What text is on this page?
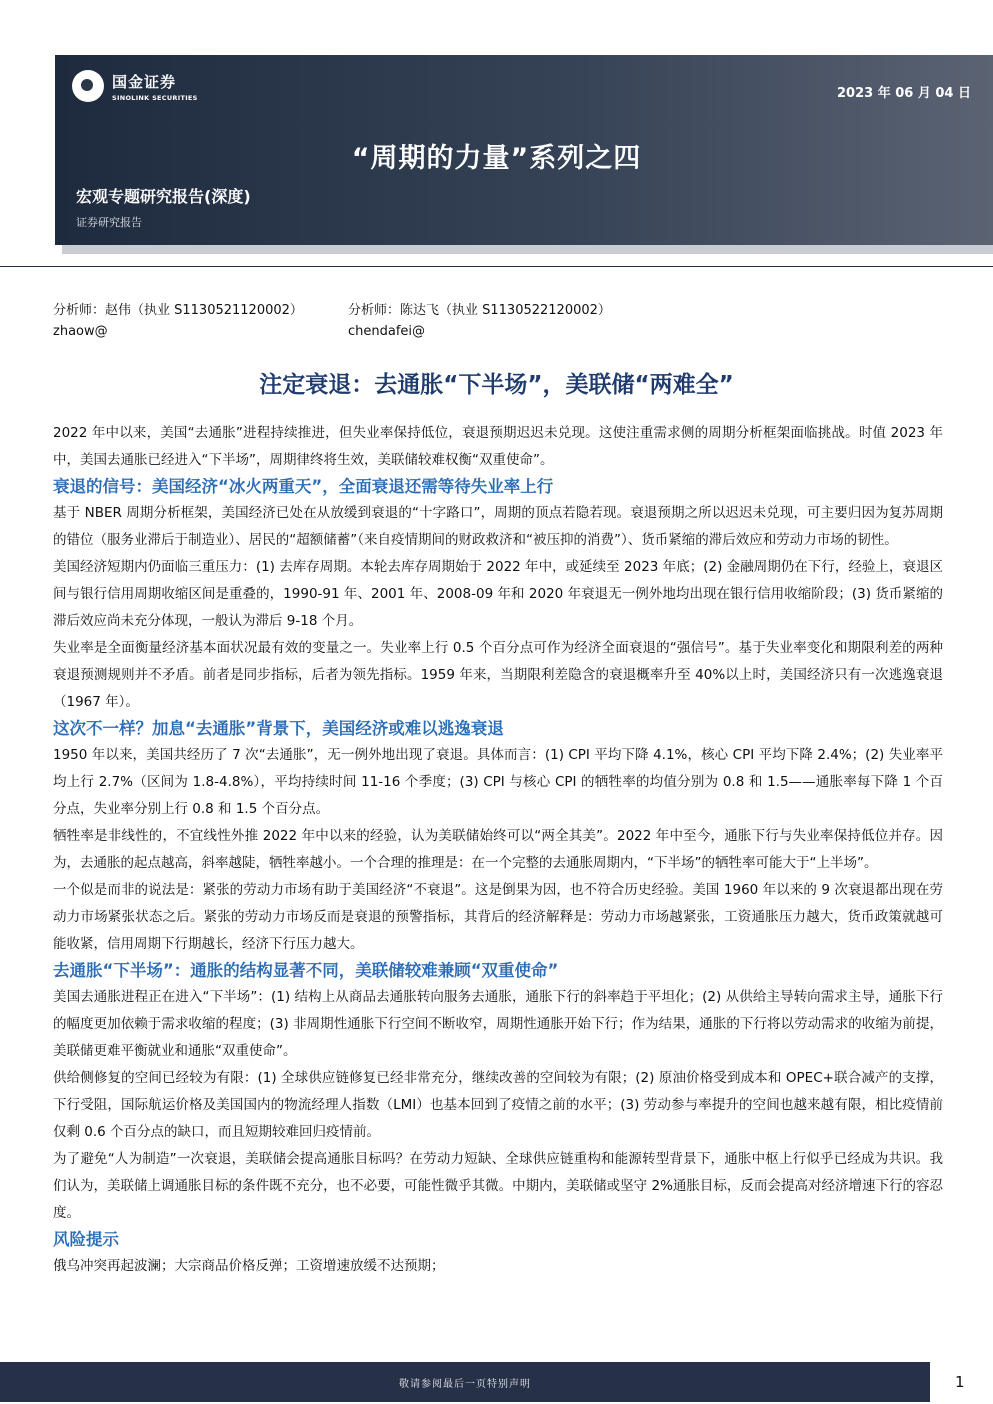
国金证券
SINOLINK SECURITIES	2023 年 06 月 04 日
“周期的力量”系列之四
宏观专题研究报告(深度)
证券研究报告
分析师：赵伟（执业 S1130521120002）
zhaow@
分析师：陈达飞（执业 S1130522120002）
chendafei@
注定衰退：去通胀“下半场”，美联储“两难全”

2022 年中以来，美国“去通胀”进程持续推进，但失业率保持低位，衰退预期迟迟未兑现。这使注重需求侧的周期分析框架面临挑战。时值 2023 年中，美国去通胀已经进入“下半场”，周期律终将生效，美联储较难权衡“双重使命”。

衰退的信号：美国经济“冰火两重天”，全面衰退还需等待失业率上行

基于 NBER 周期分析框架，美国经济已处在从放缓到衰退的“十字路口”，周期的顶点若隐若现。衰退预期之所以迟迟未兑现，可主要归因为复苏周期的错位（服务业滞后于制造业）、居民的“超额储蓄”（来自疫情期间的财政救济和“被压抑的消费”）、货币紧缩的滞后效应和劳动力市场的韧性。

美国经济短期内仍面临三重压力：(1) 去库存周期。本轮去库存周期始于 2022 年中，或延续至 2023 年底；(2) 金融周期仍在下行，经验上，衰退区间与银行信用周期收缩区间是重叠的，1990-91 年、2001 年、2008-09 年和 2020 年衰退无一例外地均出现在银行信用收缩阶段；(3) 货币紧缩的滞后效应尚未充分体现，一般认为滞后 9-18 个月。

失业率是全面衡量经济基本面状况最有效的变量之一。失业率上行 0.5 个百分点可作为经济全面衰退的“强信号”。基于失业率变化和期限利差的两种衰退预测规则并不矛盾。前者是同步指标，后者为领先指标。1959 年来，当期限利差隐含的衰退概率升至 40%以上时，美国经济只有一次逃逸衰退（1967 年）。

这次不一样？加息“去通胀”背景下，美国经济或难以逃逸衰退

1950 年以来，美国共经历了 7 次“去通胀”，无一例外地出现了衰退。具体而言：(1) CPI 平均下降 4.1%，核心 CPI 平均下降 2.4%；(2) 失业率平均上行 2.7%（区间为 1.8-4.8%），平均持续时间 11-16 个季度；(3) CPI 与核心 CPI 的牺牲率的均值分别为 0.8 和 1.5——通胀率每下降 1 个百分点，失业率分别上行 0.8 和 1.5 个百分点。

牺牲率是非线性的，不宜线性外推 2022 年中以来的经验，认为美联储始终可以“两全其美”。2022 年中至今，通胀下行与失业率保持低位并存。因为，去通胀的起点越高，斜率越陡，牺牲率越小。一个合理的推理是：在一个完整的去通胀周期内，“下半场”的牺牲率可能大于“上半场”。

一个似是而非的说法是：紧张的劳动力市场有助于美国经济“不衰退”。这是倒果为因，也不符合历史经验。美国 1960 年以来的 9 次衰退都出现在劳动力市场紧张状态之后。紧张的劳动力市场反而是衰退的预警指标，其背后的经济解释是：劳动力市场越紧张，工资通胀压力越大，货币政策就越可能收紧，信用周期下行期越长，经济下行压力越大。

去通胀“下半场”：通胀的结构显著不同，美联储较难兼顾“双重使命”

美国去通胀进程正在进入“下半场”：(1) 结构上从商品去通胀转向服务去通胀，通胀下行的斜率趋于平坦化；(2) 从供给主导转向需求主导，通胀下行的幅度更加依赖于需求收缩的程度；(3) 非周期性通胀下行空间不断收窄，周期性通胀开始下行；作为结果，通胀的下行将以劳动需求的收缩为前提，美联储更难平衡就业和通胀“双重使命”。

供给侧修复的空间已经较为有限：(1) 全球供应链修复已经非常充分，继续改善的空间较为有限；(2) 原油价格受到成本和 OPEC+联合减产的支撑，下行受阻，国际航运价格及美国国内的物流经理人指数（LMI）也基本回到了疫情之前的水平；(3) 劳动参与率提升的空间也越来越有限，相比疫情前仅剩 0.6 个百分点的缺口，而且短期较难回归疫情前。

为了避免“人为制造”一次衰退，美联储会提高通胀目标吗？在劳动力短缺、全球供应链重构和能源转型背景下，通胀中枢上行似乎已经成为共识。我们认为，美联储上调通胀目标的条件既不充分，也不必要，可能性微乎其微。中期内，美联储或坚守 2%通胀目标，反而会提高对经济增速下行的容忍度。

风险提示

俄乌冲突再起波澜；大宗商品价格反弹；工资增速放缓不达预期；

敬请参阅最后一页特别声明	1
